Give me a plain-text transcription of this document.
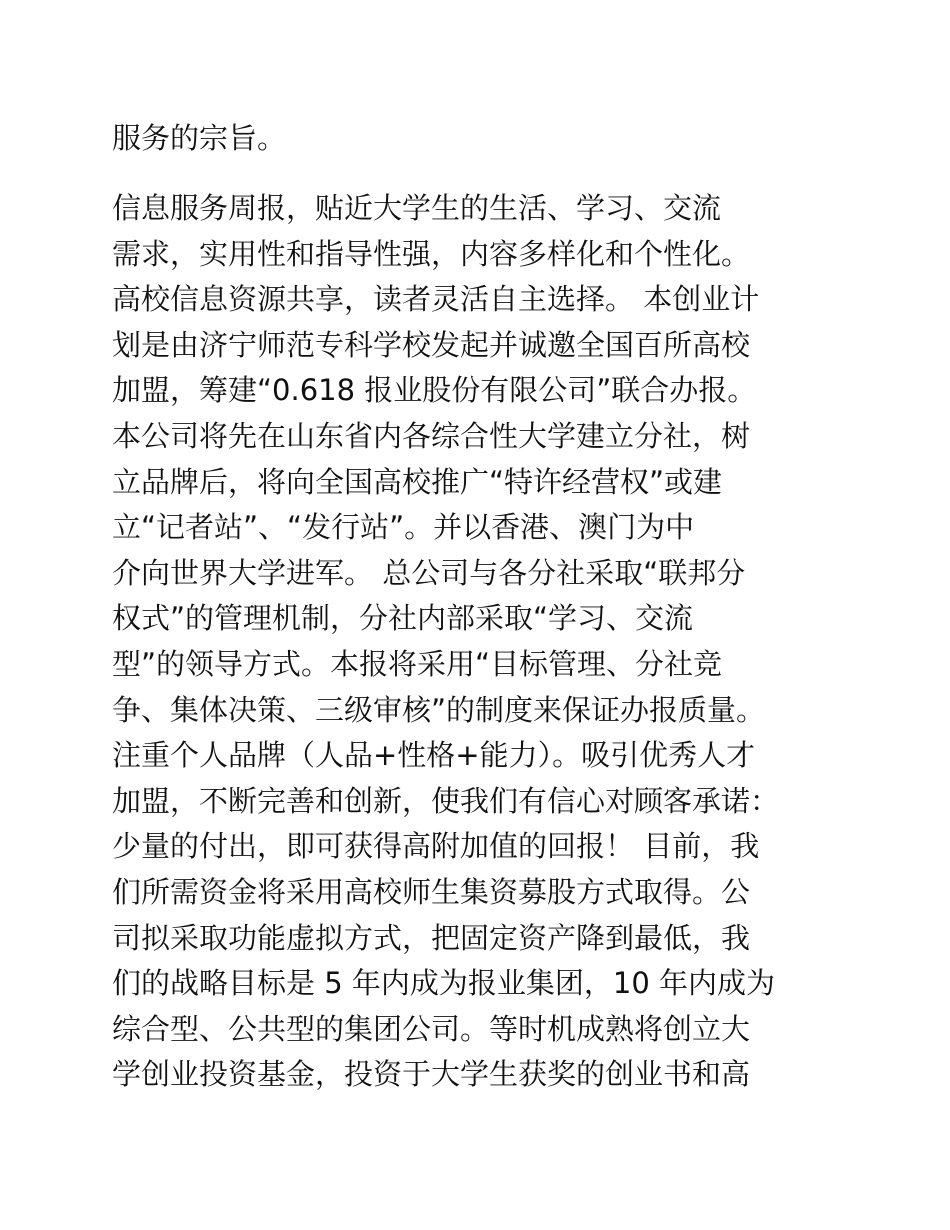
服务的宗旨。
信息服务周报，贴近大学生的生活、学习、交流
需求，实用性和指导性强，内容多样化和个性化。
高校信息资源共享，读者灵活自主选择。 本创业计
划是由济宁师范专科学校发起并诚邀全国百所高校
加盟，筹建“0.618 报业股份有限公司”联合办报。
本公司将先在山东省内各综合性大学建立分社，树
立品牌后，将向全国高校推广“特许经营权”或建
立“记者站”、“发行站”。并以香港、澳门为中
介向世界大学进军。 总公司与各分社采取“联邦分
权式”的管理机制，分社内部采取“学习、交流
型”的领导方式。本报将采用“目标管理、分社竞
争、集体决策、三级审核”的制度来保证办报质量。
注重个人品牌（人品+性格+能力）。吸引优秀人才
加盟，不断完善和创新，使我们有信心对顾客承诺：
少量的付出，即可获得高附加值的回报！ 目前，我
们所需资金将采用高校师生集资募股方式取得。公
司拟采取功能虚拟方式，把固定资产降到最低，我
们的战略目标是 5 年内成为报业集团，10 年内成为
综合型、公共型的集团公司。等时机成熟将创立大
学创业投资基金，投资于大学生获奖的创业书和高
